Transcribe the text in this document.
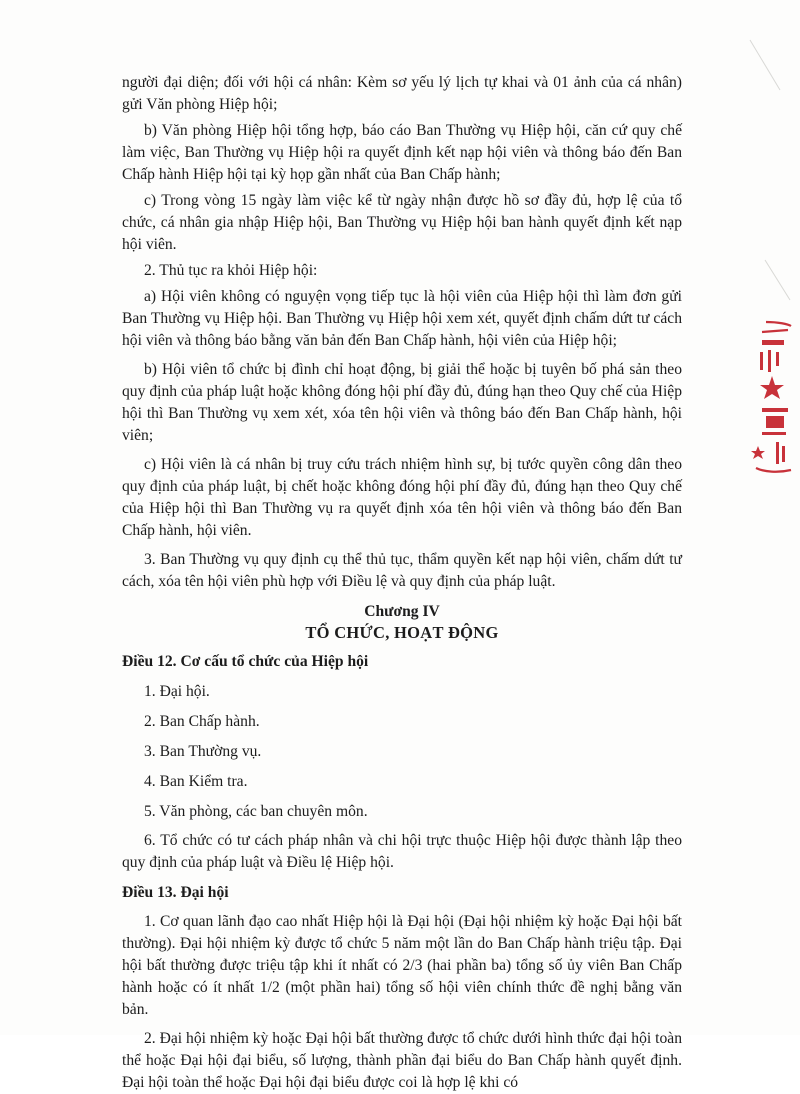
người đại diện; đối với hội cá nhân: Kèm sơ yếu lý lịch tự khai và 01 ảnh của cá nhân) gửi Văn phòng Hiệp hội;

b) Văn phòng Hiệp hội tổng hợp, báo cáo Ban Thường vụ Hiệp hội, căn cứ quy chế làm việc, Ban Thường vụ Hiệp hội ra quyết định kết nạp hội viên và thông báo đến Ban Chấp hành Hiệp hội tại kỳ họp gần nhất của Ban Chấp hành;

c) Trong vòng 15 ngày làm việc kể từ ngày nhận được hồ sơ đầy đủ, hợp lệ của tổ chức, cá nhân gia nhập Hiệp hội, Ban Thường vụ Hiệp hội ban hành quyết định kết nạp hội viên.

2. Thủ tục ra khỏi Hiệp hội:

a) Hội viên không có nguyện vọng tiếp tục là hội viên của Hiệp hội thì làm đơn gửi Ban Thường vụ Hiệp hội. Ban Thường vụ Hiệp hội xem xét, quyết định chấm dứt tư cách hội viên và thông báo bằng văn bản đến Ban Chấp hành, hội viên của Hiệp hội;

b) Hội viên tổ chức bị đình chỉ hoạt động, bị giải thể hoặc bị tuyên bố phá sản theo quy định của pháp luật hoặc không đóng hội phí đầy đủ, đúng hạn theo Quy chế của Hiệp hội thì Ban Thường vụ xem xét, xóa tên hội viên và thông báo đến Ban Chấp hành, hội viên;

c) Hội viên là cá nhân bị truy cứu trách nhiệm hình sự, bị tước quyền công dân theo quy định của pháp luật, bị chết hoặc không đóng hội phí đầy đủ, đúng hạn theo Quy chế của Hiệp hội thì Ban Thường vụ ra quyết định xóa tên hội viên và thông báo đến Ban Chấp hành, hội viên.

3. Ban Thường vụ quy định cụ thể thủ tục, thẩm quyền kết nạp hội viên, chấm dứt tư cách, xóa tên hội viên phù hợp với Điều lệ và quy định của pháp luật.

Chương IV
TỔ CHỨC, HOẠT ĐỘNG

Điều 12. Cơ cấu tổ chức của Hiệp hội

1. Đại hội.

2. Ban Chấp hành.

3. Ban Thường vụ.

4. Ban Kiểm tra.

5. Văn phòng, các ban chuyên môn.

6. Tổ chức có tư cách pháp nhân và chi hội trực thuộc Hiệp hội được thành lập theo quy định của pháp luật và Điều lệ Hiệp hội.

Điều 13. Đại hội

1. Cơ quan lãnh đạo cao nhất Hiệp hội là Đại hội (Đại hội nhiệm kỳ hoặc Đại hội bất thường). Đại hội nhiệm kỳ được tổ chức 5 năm một lần do Ban Chấp hành triệu tập. Đại hội bất thường được triệu tập khi ít nhất có 2/3 (hai phần ba) tổng số ủy viên Ban Chấp hành hoặc có ít nhất 1/2 (một phần hai) tổng số hội viên chính thức đề nghị bằng văn bản.

2. Đại hội nhiệm kỳ hoặc Đại hội bất thường được tổ chức dưới hình thức đại hội toàn thể hoặc Đại hội đại biểu, số lượng, thành phần đại biểu do Ban Chấp hành quyết định. Đại hội toàn thể hoặc Đại hội đại biểu được coi là hợp lệ khi có
